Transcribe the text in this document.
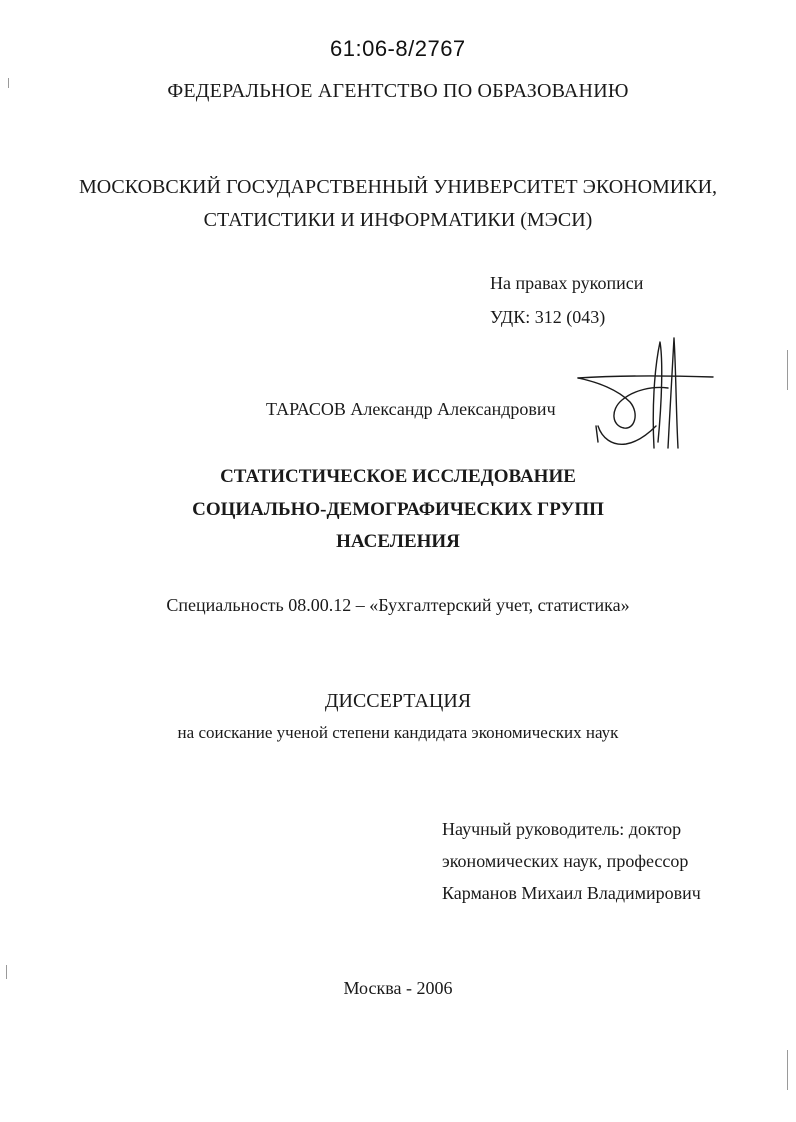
61:06-8/2767
ФЕДЕРАЛЬНОЕ АГЕНТСТВО ПО ОБРАЗОВАНИЮ
МОСКОВСКИЙ ГОСУДАРСТВЕННЫЙ УНИВЕРСИТЕТ ЭКОНОМИКИ,
СТАТИСТИКИ И ИНФОРМАТИКИ (МЭСИ)
На правах рукописи
УДК: 312 (043)
ТАРАСОВ Александр Александрович
СТАТИСТИЧЕСКОЕ ИССЛЕДОВАНИЕ
СОЦИАЛЬНО-ДЕМОГРАФИЧЕСКИХ ГРУПП
НАСЕЛЕНИЯ
Специальность 08.00.12 – «Бухгалтерский учет, статистика»
ДИССЕРТАЦИЯ
на соискание ученой степени кандидата экономических наук
Научный руководитель: доктор
экономических наук, профессор
Карманов Михаил Владимирович
Москва - 2006
